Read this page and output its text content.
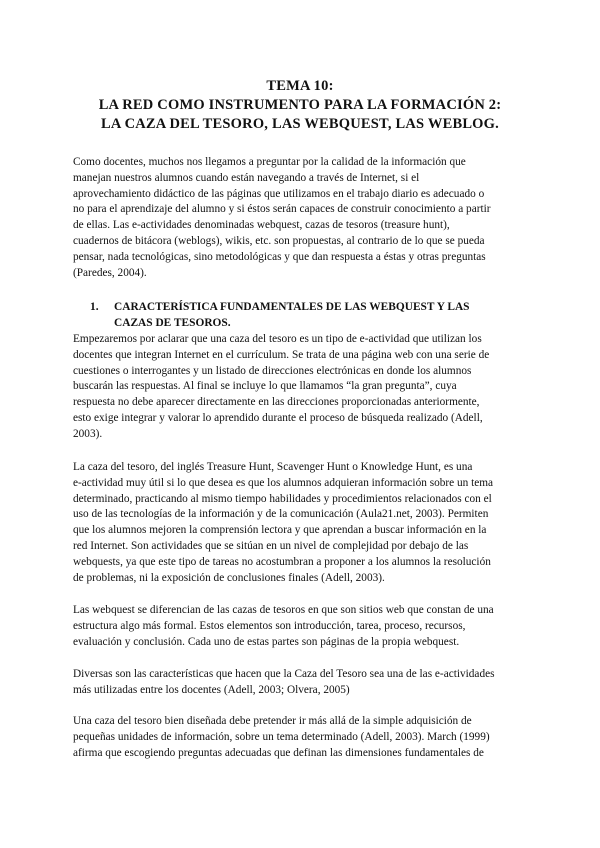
TEMA 10:
LA RED COMO INSTRUMENTO PARA LA FORMACIÓN 2:
LA CAZA DEL TESORO, LAS WEBQUEST, LAS WEBLOG.

Como docentes, muchos nos llegamos a preguntar por la calidad de la información que
manejan nuestros alumnos cuando están navegando a través de Internet, si el
aprovechamiento didáctico de las páginas que utilizamos en el trabajo diario es adecuado o
no para el aprendizaje del alumno y si éstos serán capaces de construir conocimiento a partir
de ellas. Las e-actividades denominadas webquest, cazas de tesoros (treasure hunt),
cuadernos de bitácora (weblogs), wikis, etc. son propuestas, al contrario de lo que se pueda
pensar, nada tecnológicas, sino metodológicas y que dan respuesta a éstas y otras preguntas
(Paredes, 2004).

1. CARACTERÍSTICA FUNDAMENTALES DE LAS WEBQUEST Y LAS
CAZAS DE TESOROS.

Empezaremos por aclarar que una caza del tesoro es un tipo de e-actividad que utilizan los
docentes que integran Internet en el currículum. Se trata de una página web con una serie de
cuestiones o interrogantes y un listado de direcciones electrónicas en donde los alumnos
buscarán las respuestas. Al final se incluye lo que llamamos “la gran pregunta”, cuya
respuesta no debe aparecer directamente en las direcciones proporcionadas anteriormente,
esto exige integrar y valorar lo aprendido durante el proceso de búsqueda realizado (Adell,
2003).

La caza del tesoro, del inglés Treasure Hunt, Scavenger Hunt o Knowledge Hunt, es una
e-actividad muy útil si lo que desea es que los alumnos adquieran información sobre un tema
determinado, practicando al mismo tiempo habilidades y procedimientos relacionados con el
uso de las tecnologías de la información y de la comunicación (Aula21.net, 2003). Permiten
que los alumnos mejoren la comprensión lectora y que aprendan a buscar información en la
red Internet. Son actividades que se sitúan en un nivel de complejidad por debajo de las
webquests, ya que este tipo de tareas no acostumbran a proponer a los alumnos la resolución
de problemas, ni la exposición de conclusiones finales (Adell, 2003).

Las webquest se diferencian de las cazas de tesoros en que son sitios web que constan de una
estructura algo más formal. Estos elementos son introducción, tarea, proceso, recursos,
evaluación y conclusión. Cada uno de estas partes son páginas de la propia webquest.

Diversas son las características que hacen que la Caza del Tesoro sea una de las e-actividades
más utilizadas entre los docentes (Adell, 2003; Olvera, 2005)

Una caza del tesoro bien diseñada debe pretender ir más allá de la simple adquisición de
pequeñas unidades de información, sobre un tema determinado (Adell, 2003). March (1999)
afirma que escogiendo preguntas adecuadas que definan las dimensiones fundamentales de
